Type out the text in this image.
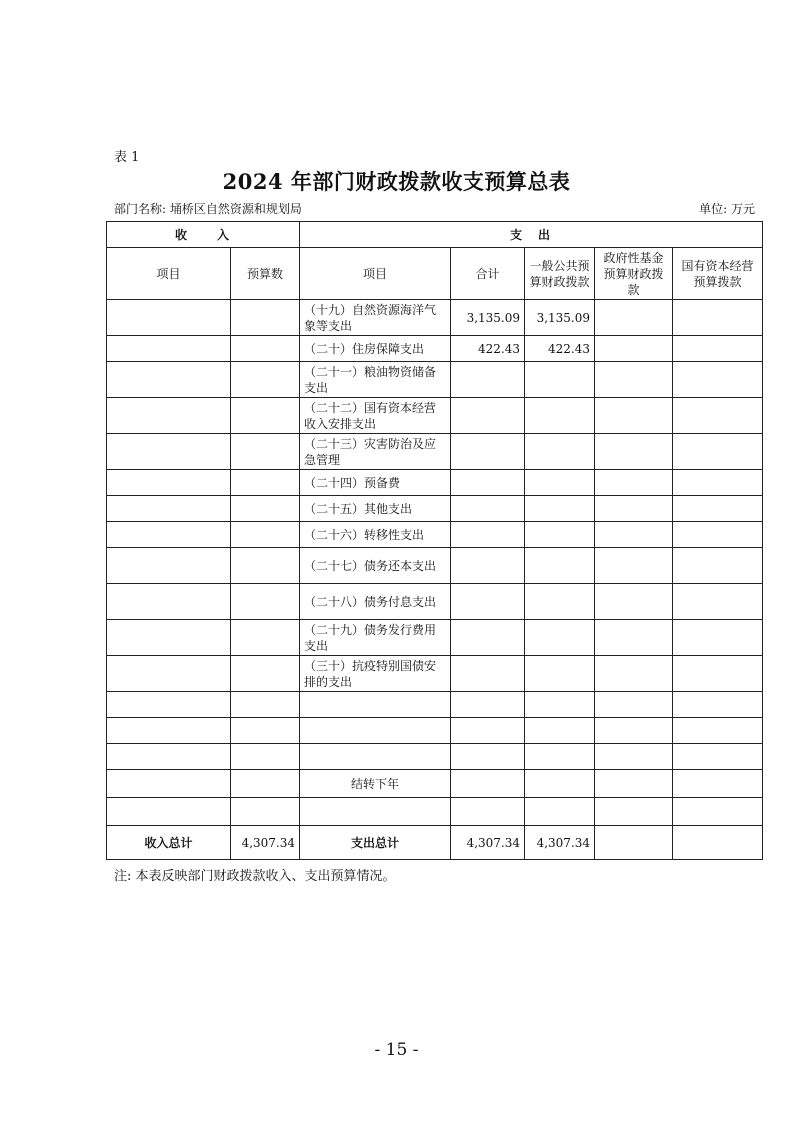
表 1
2024 年部门财政拨款收支预算总表
部门名称: 埇桥区自然资源和规划局	单位: 万元
收　　入		支　出				
项目	预算数	项目	合计	一般公共预算财政拨款	政府性基金预算财政拨款	国有资本经营预算拨款
		（十九）自然资源海洋气象等支出	3,135.09	3,135.09		
		（二十）住房保障支出	422.43	422.43		
		（二十一）粮油物资储备支出				
		（二十二）国有资本经营收入安排支出				
		（二十三）灾害防治及应急管理				
		（二十四）预备费				
		（二十五）其他支出				
		（二十六）转移性支出				
		（二十七）债务还本支出				
		（二十八）债务付息支出				
		（二十九）债务发行费用支出				
		（三十）抗疫特别国债安排的支出				

		结转下年				

收入总计	4,307.34	支出总计	4,307.34	4,307.34		
注: 本表反映部门财政拨款收入、支出预算情况。
- 15 -
